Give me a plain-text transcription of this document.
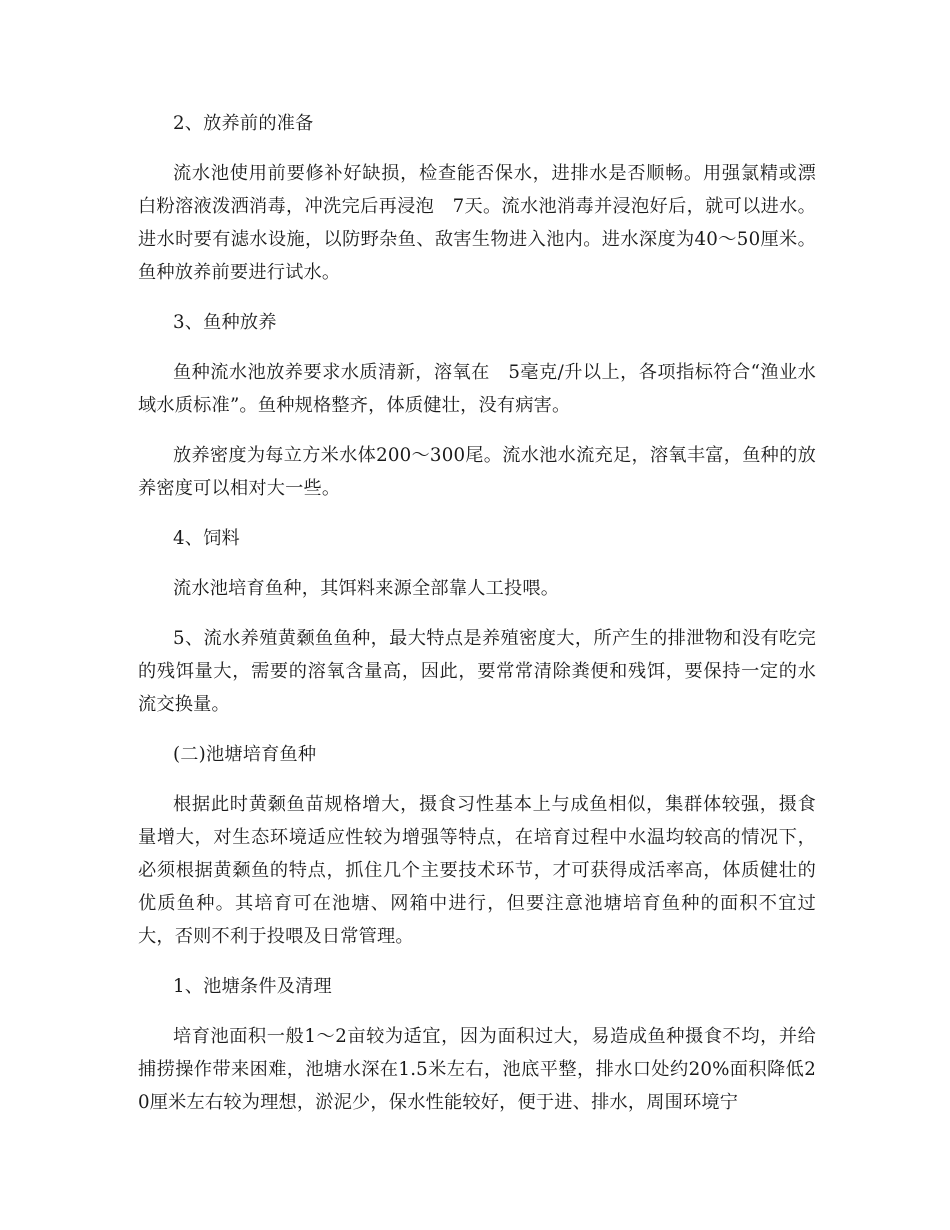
2、放养前的准备

流水池使用前要修补好缺损，检查能否保水，进排水是否顺畅。用强氯精或漂白粉溶液泼洒消毒，冲洗完后再浸泡　7天。流水池消毒并浸泡好后，就可以进水。进水时要有滤水设施，以防野杂鱼、敌害生物进入池内。进水深度为40～50厘米。鱼种放养前要进行试水。

3、鱼种放养

鱼种流水池放养要求水质清新，溶氧在　5毫克/升以上，各项指标符合“渔业水域水质标准”。鱼种规格整齐，体质健壮，没有病害。

放养密度为每立方米水体200～300尾。流水池水流充足，溶氧丰富，鱼种的放养密度可以相对大一些。

4、饲料

流水池培育鱼种，其饵料来源全部靠人工投喂。

5、流水养殖黄颡鱼鱼种，最大特点是养殖密度大，所产生的排泄物和没有吃完的残饵量大，需要的溶氧含量高，因此，要常常清除粪便和残饵，要保持一定的水流交换量。

(二)池塘培育鱼种

根据此时黄颡鱼苗规格增大，摄食习性基本上与成鱼相似，集群体较强，摄食量增大，对生态环境适应性较为增强等特点，在培育过程中水温均较高的情况下，必须根据黄颡鱼的特点，抓住几个主要技术环节，才可获得成活率高，体质健壮的优质鱼种。其培育可在池塘、网箱中进行，但要注意池塘培育鱼种的面积不宜过大，否则不利于投喂及日常管理。

1、池塘条件及清理

培育池面积一般1～2亩较为适宜，因为面积过大，易造成鱼种摄食不均，并给捕捞操作带来困难，池塘水深在1.5米左右，池底平整，排水口处约20%面积降低20厘米左右较为理想，淤泥少，保水性能较好，便于进、排水，周围环境宁
